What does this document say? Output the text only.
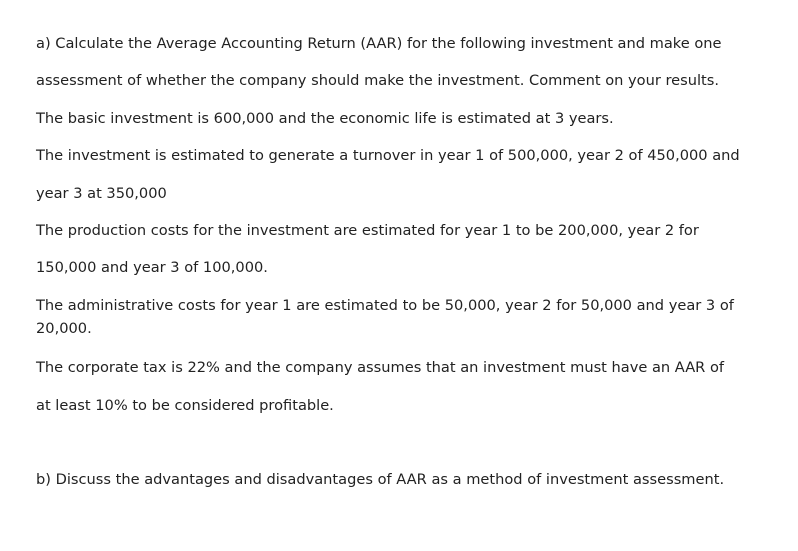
a) Calculate the Average Accounting Return (AAR) for the following investment and make one

assessment of whether the company should make the investment. Comment on your results.

The basic investment is 600,000 and the economic life is estimated at 3 years.

The investment is estimated to generate a turnover in year 1 of 500,000, year 2 of 450,000 and

year 3 at 350,000

The production costs for the investment are estimated for year 1 to be 200,000, year 2 for

150,000 and year 3 of 100,000.

The administrative costs for year 1 are estimated to be 50,000, year 2 for 50,000 and year 3 of

20,000.

The corporate tax is 22% and the company assumes that an investment must have an AAR of

at least 10% to be considered profitable.

b) Discuss the advantages and disadvantages of AAR as a method of investment assessment.
